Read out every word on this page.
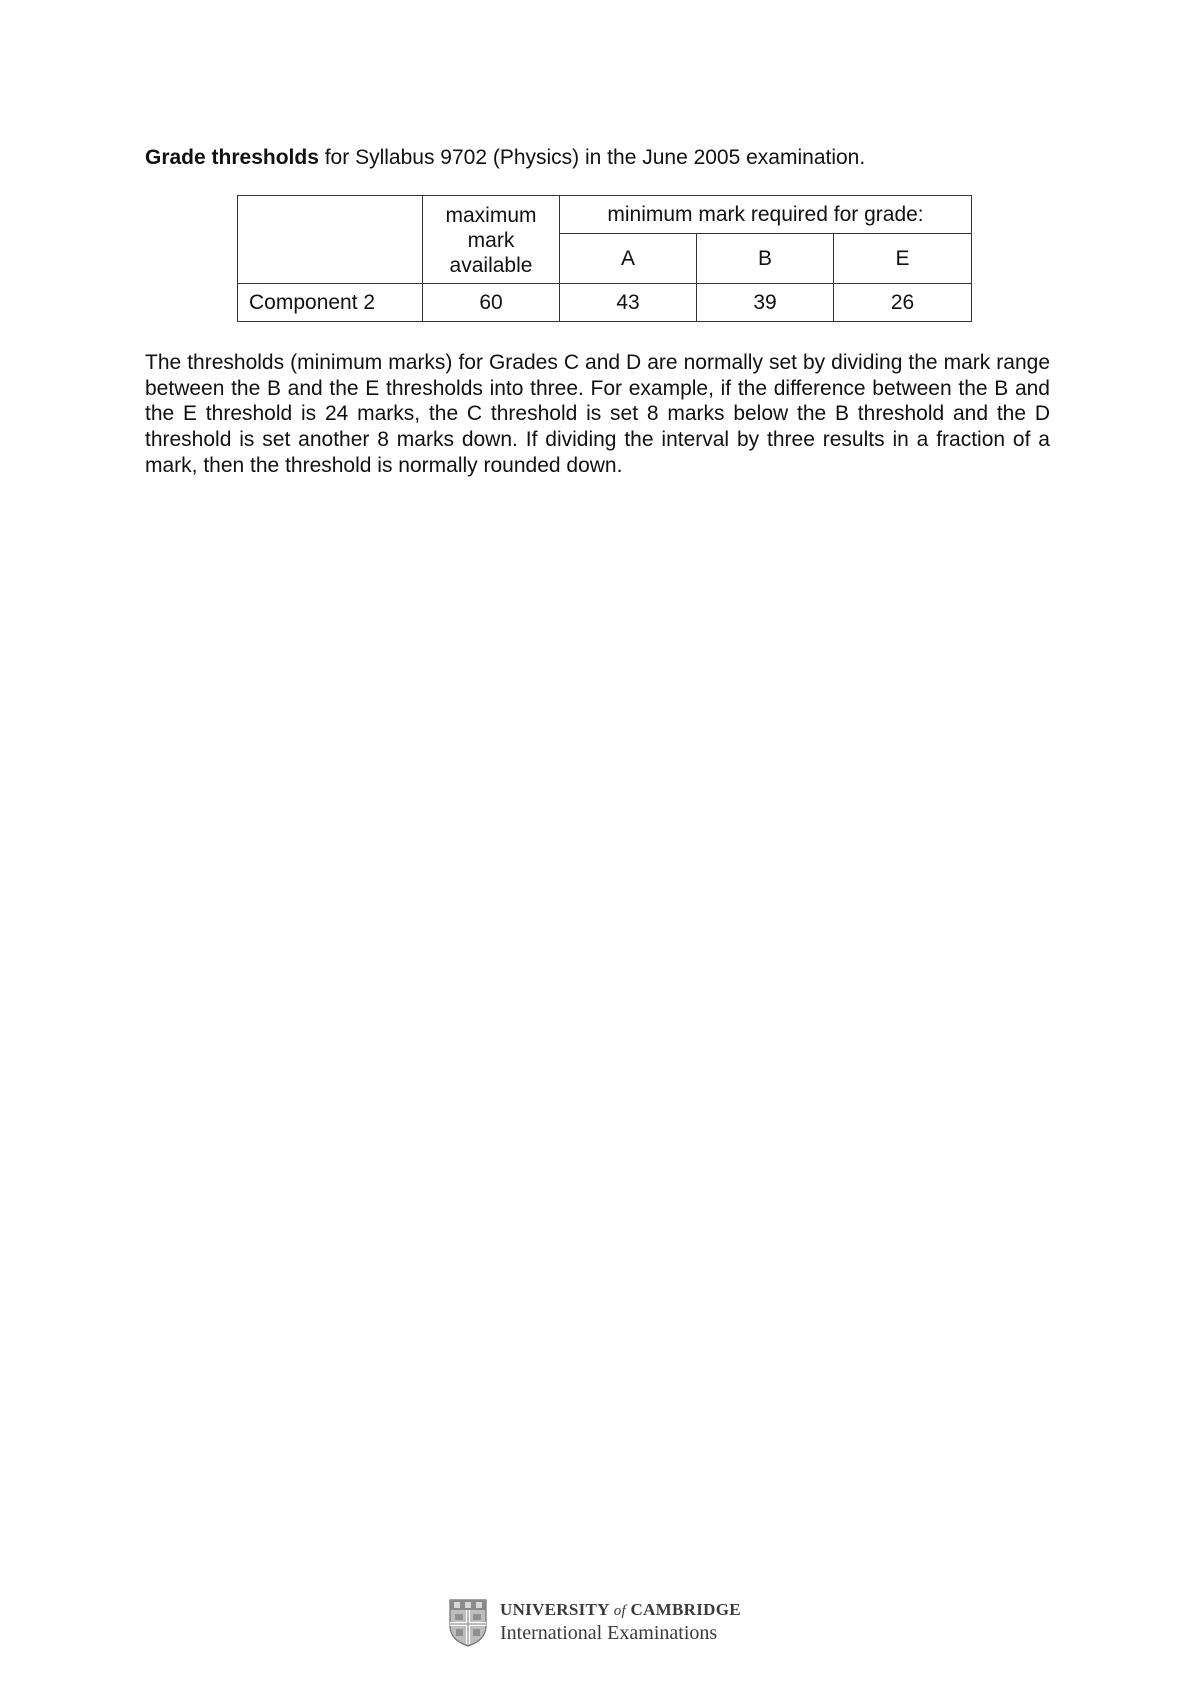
Grade thresholds for Syllabus 9702 (Physics) in the June 2005 examination.

	maximum
mark
available	minimum mark required for grade:		
		A	B	E
Component 2	60	43	39	26
The thresholds (minimum marks) for Grades C and D are normally set by dividing the mark range between the B and the E thresholds into three. For example, if the difference between the B and the E threshold is 24 marks, the C threshold is set 8 marks below the B threshold and the D threshold is set another 8 marks down. If dividing the interval by three results in a fraction of a mark, then the threshold is normally rounded down.
UNIVERSITY of CAMBRIDGE
International Examinations
